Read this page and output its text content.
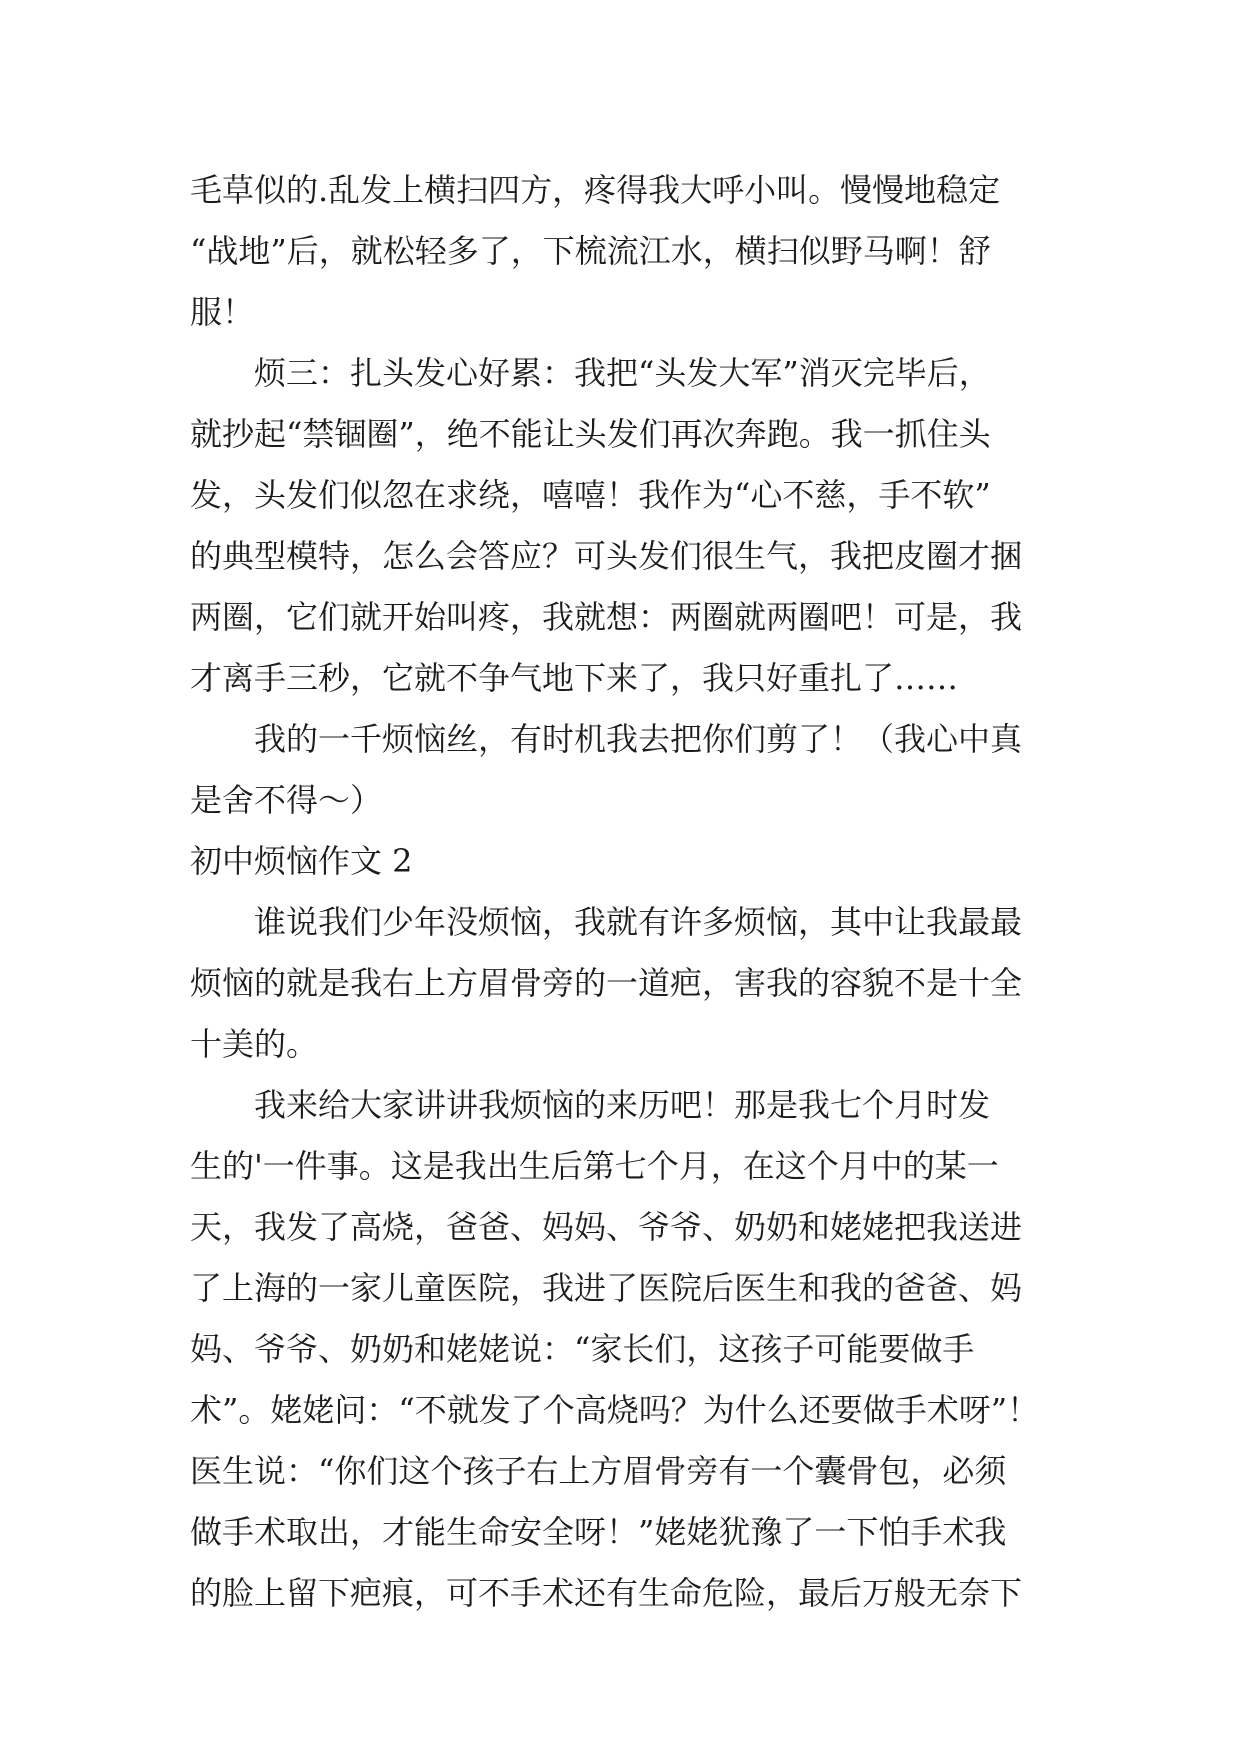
毛草似的.乱发上横扫四方，疼得我大呼小叫。慢慢地稳定
“战地”后，就松轻多了，下梳流江水，横扫似野马啊！舒
服！
烦三：扎头发心好累：我把“头发大军”消灭完毕后，
就抄起“禁锢圈”，绝不能让头发们再次奔跑。我一抓住头
发，头发们似忽在求绕，嘻嘻！我作为“心不慈，手不软”
的典型模特，怎么会答应？可头发们很生气，我把皮圈才捆
两圈，它们就开始叫疼，我就想：两圈就两圈吧！可是，我
才离手三秒，它就不争气地下来了，我只好重扎了……
我的一千烦恼丝，有时机我去把你们剪了！（我心中真
是舍不得～）
初中烦恼作文 2
谁说我们少年没烦恼，我就有许多烦恼，其中让我最最
烦恼的就是我右上方眉骨旁的一道疤，害我的容貌不是十全
十美的。
我来给大家讲讲我烦恼的来历吧！那是我七个月时发
生的'一件事。这是我出生后第七个月，在这个月中的某一
天，我发了高烧，爸爸、妈妈、爷爷、奶奶和姥姥把我送进
了上海的一家儿童医院，我进了医院后医生和我的爸爸、妈
妈、爷爷、奶奶和姥姥说：“家长们，这孩子可能要做手
术”。姥姥问：“不就发了个高烧吗？为什么还要做手术呀”！
医生说：“你们这个孩子右上方眉骨旁有一个囊骨包，必须
做手术取出，才能生命安全呀！”姥姥犹豫了一下怕手术我
的脸上留下疤痕，可不手术还有生命危险，最后万般无奈下
